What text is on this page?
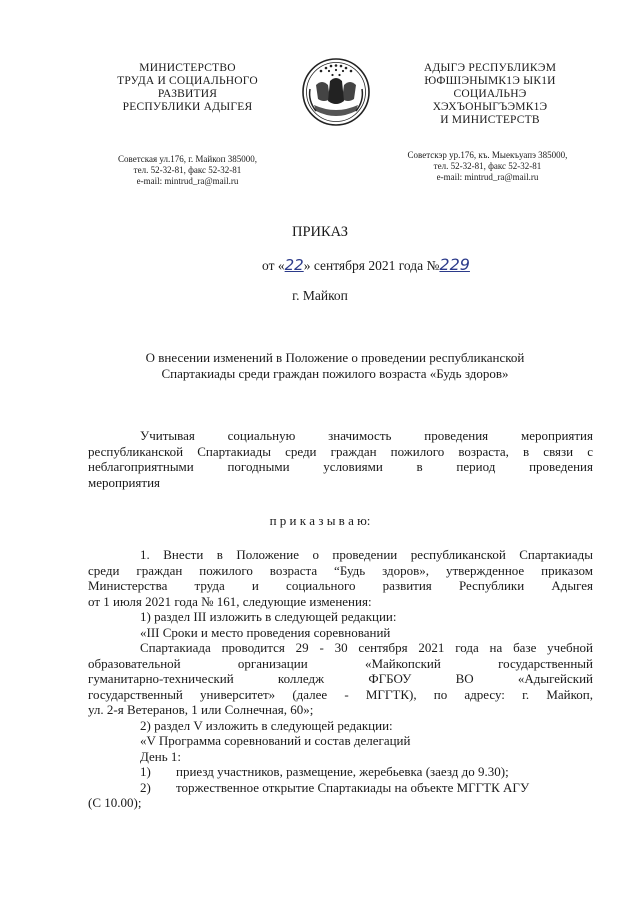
МИНИСТЕРСТВО
ТРУДА И СОЦИАЛЬНОГО
РАЗВИТИЯ
РЕСПУБЛИКИ АДЫГЕЯ
АДЫГЭ РЕСПУБЛИКЭМ
ЮФШIЭНЫМК1Э ЫК1И
СОЦИАЛЬНЭ
ХЭХЪОНЫГЪЭМК1Э
И МИНИСТЕРСТВ
Советская ул.176, г. Майкоп 385000,
тел. 52-32-81, факс 52-32-81
e-mail: mintrud_ra@mail.ru
Советскэр ур.176, къ. Мыекъуапэ 385000,
тел. 52-32-81, факс 52-32-81
e-mail: mintrud_ra@mail.ru
ПРИКАЗ
от «22» сентября 2021 года №229
г. Майкоп
О внесении изменений в Положение о проведении республиканской
Спартакиады среди граждан пожилого возраста «Будь здоров»
Учитывая социальную значимость проведения мероприятия
республиканской Спартакиады среди граждан пожилого возраста, в связи с
неблагоприятными погодными условиями в период проведения
мероприятия
п р и к а з ы в а ю:
1. Внести в Положение о проведении республиканской Спартакиады
среди граждан пожилого возраста “Будь здоров», утвержденное приказом
Министерства труда и социального развития Республики Адыгея
от 1 июля 2021 года № 161, следующие изменения:
1) раздел III изложить в следующей редакции:
«III Сроки и место проведения соревнований
Спартакиада проводится 29 - 30 сентября 2021 года на базе учебной
образовательной организации «Майкопский государственный
гуманитарно-технический колледж ФГБОУ ВО «Адыгейский
государственный университет» (далее - МГГТК), по адресу: г. Майкоп,
ул. 2-я Ветеранов, 1 или Солнечная, 60»;
2) раздел V изложить в следующей редакции:
«V Программа соревнований и состав делегаций
День 1:
1) приезд участников, размещение, жеребьевка (заезд до 9.30);
2) торжественное открытие Спартакиады на объекте МГГТК АГУ
(С 10.00);
